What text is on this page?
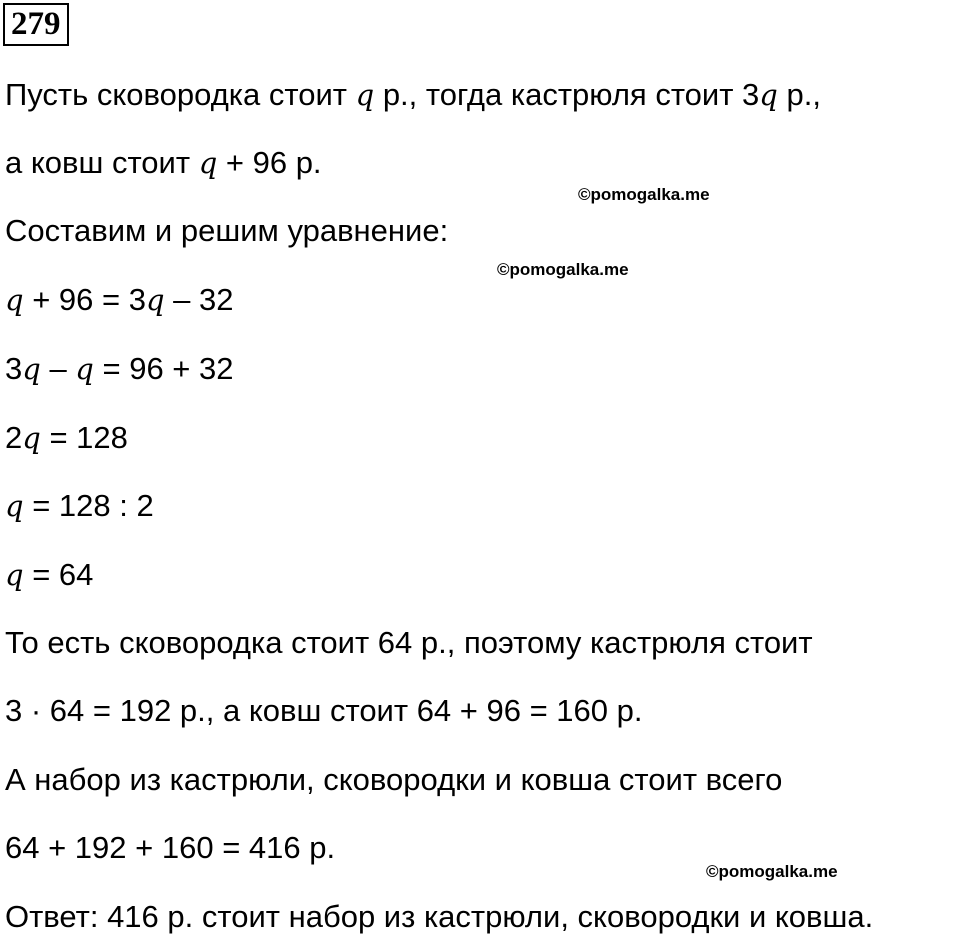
279
Пусть сковородка стоит q р., тогда кастрюля стоит 3q р.,
а ковш стоит q + 96 р.
©pomogalka.me
Составим и решим уравнение:
©pomogalka.me
q + 96 = 3q – 32
3q – q = 96 + 32
2q = 128
q = 128 : 2
q = 64
То есть сковородка стоит 64 р., поэтому кастрюля стоит
3 · 64 = 192 р., а ковш стоит 64 + 96 = 160 р.
А набор из кастрюли, сковородки и ковша стоит всего
64 + 192 + 160 = 416 р.
©pomogalka.me
Ответ: 416 р. стоит набор из кастрюли, сковородки и ковша.
